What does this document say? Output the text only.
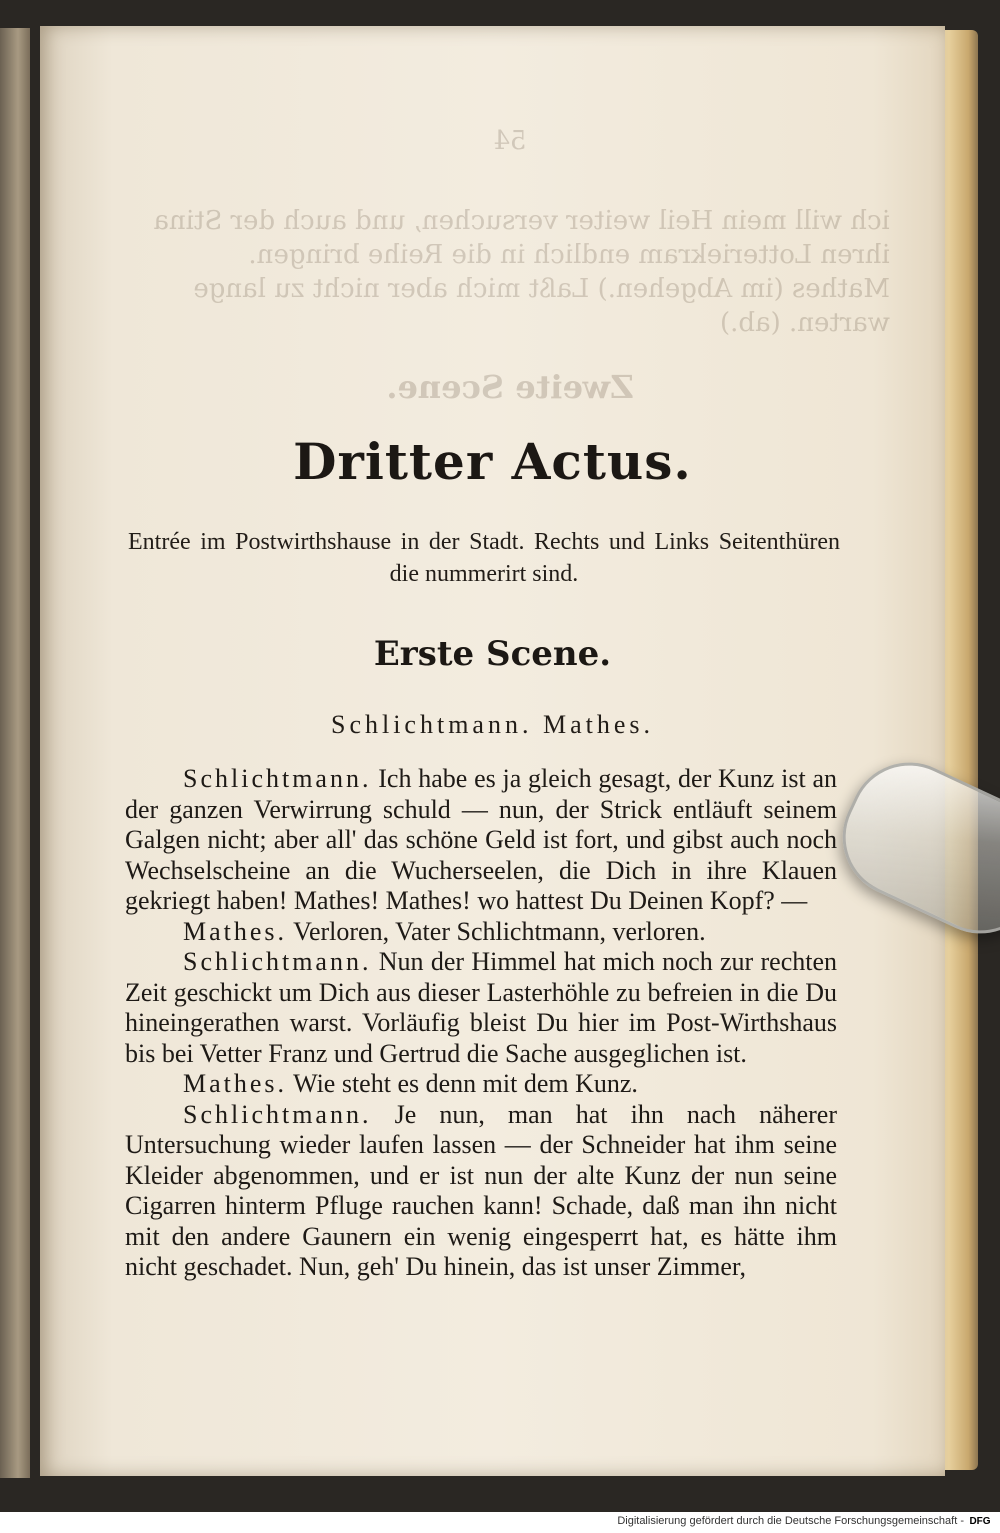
54
ich will mein Heil weiter versuchen, und auch der Stina
ihren Lotteriekram endlich in die Reihe bringen.
Mathes (im Abgehen.) Laßt mich aber nicht zu lange
warten. (ab.)
Zweite Scene.
Dritter Actus.
Entrée im Postwirthshause in der Stadt. Rechts und Links Seitenthüren die nummerirt sind.
Erste Scene.
Schlichtmann. Mathes.

Schlichtmann. Ich habe es ja gleich gesagt, der Kunz ist an der ganzen Verwirrung schuld — nun, der Strick entläuft seinem Galgen nicht; aber all' das schöne Geld ist fort, und gibst auch noch Wechselscheine an die Wucherseelen, die Dich in ihre Klauen gekriegt haben! Mathes! Mathes! wo hattest Du Deinen Kopf? —

Mathes. Verloren, Vater Schlichtmann, verloren.

Schlichtmann. Nun der Himmel hat mich noch zur rechten Zeit geschickt um Dich aus dieser Lasterhöhle zu befreien in die Du hineingerathen warst. Vorläufig bleist Du hier im Post-Wirthshaus bis bei Vetter Franz und Gertrud die Sache ausgeglichen ist.

Mathes. Wie steht es denn mit dem Kunz.

Schlichtmann. Je nun, man hat ihn nach näherer Untersuchung wieder laufen lassen — der Schneider hat ihm seine Kleider abgenommen, und er ist nun der alte Kunz der nun seine Cigarren hinterm Pfluge rauchen kann! Schade, daß man ihn nicht mit den andere Gaunern ein wenig eingesperrt hat, es hätte ihm nicht geschadet. Nun, geh' Du hinein, das ist unser Zimmer,

Digitalisierung gefördert durch die Deutsche Forschungsgemeinschaft - DFG
